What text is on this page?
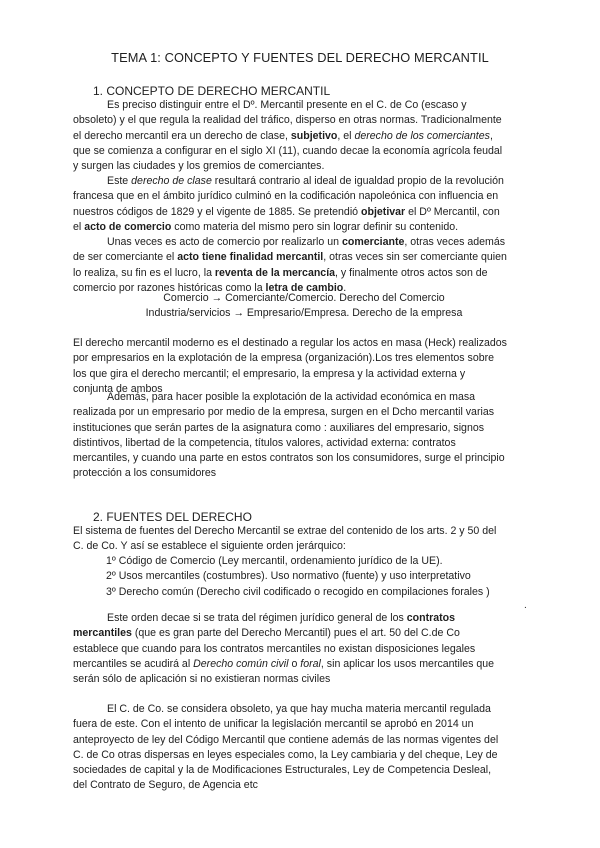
TEMA 1: CONCEPTO Y FUENTES DEL DERECHO MERCANTIL
1. CONCEPTO DE DERECHO MERCANTIL
Es preciso distinguir entre el Dº. Mercantil presente en el C. de Co (escaso y
obsoleto) y el que regula la realidad del tráfico, disperso en otras normas. Tradicionalmente
el derecho mercantil era un derecho de clase, subjetivo, el derecho de los comerciantes,
que se comienza a configurar en el siglo XI (11), cuando decae la economía agrícola feudal
y surgen las ciudades y los gremios de comerciantes.
Este derecho de clase resultará contrario al ideal de igualdad propio de la revolución
francesa que en el ámbito jurídico culminó en la codificación napoleónica con influencia en
nuestros códigos de 1829 y el vigente de 1885. Se pretendió objetivar el Dº Mercantil, con
el acto de comercio como materia del mismo pero sin lograr definir su contenido.
Unas veces es acto de comercio por realizarlo un comerciante, otras veces además
de ser comerciante el acto tiene finalidad mercantil, otras veces sin ser comerciante quien
lo realiza, su fin es el lucro, la reventa de la mercancía, y finalmente otros actos son de
comercio por razones históricas como la letra de cambio.
Comercio → Comerciante/Comercio. Derecho del Comercio
Industria/servicios → Empresario/Empresa. Derecho de la empresa
El derecho mercantil moderno es el destinado a regular los actos en masa (Heck) realizados
por empresarios en la explotación de la empresa (organización).Los tres elementos sobre
los que gira el derecho mercantil; el empresario, la empresa y la actividad externa y
conjunta de ambos
Además, para hacer posible la explotación de la actividad económica en masa
realizada por un empresario por medio de la empresa, surgen en el Dcho mercantil varias
instituciones que serán partes de la asignatura como : auxiliares del empresario, signos
distintivos, libertad de la competencia, títulos valores, actividad externa: contratos
mercantiles, y cuando una parte en estos contratos son los consumidores, surge el principio
protección a los consumidores
2. FUENTES DEL DERECHO
El sistema de fuentes del Derecho Mercantil se extrae del contenido de los arts. 2 y 50 del
C. de Co. Y así se establece el siguiente orden jerárquico:
1º Código de Comercio (Ley mercantil, ordenamiento jurídico de la UE).
2º Usos mercantiles (costumbres). Uso normativo (fuente) y uso interpretativo
3º Derecho común (Derecho civil codificado o recogido en compilaciones forales )
.
Este orden decae si se trata del régimen jurídico general de los contratos
mercantiles (que es gran parte del Derecho Mercantil) pues el art. 50 del C.de Co
establece que cuando para los contratos mercantiles no existan disposiciones legales
mercantiles se acudirá al Derecho común civil o foral, sin aplicar los usos mercantiles que
serán sólo de aplicación si no existieran normas civiles
El C. de Co. se considera obsoleto, ya que hay mucha materia mercantil regulada
fuera de este. Con el intento de unificar la legislación mercantil se aprobó en 2014 un
anteproyecto de ley del Código Mercantil que contiene además de las normas vigentes del
C. de Co otras dispersas en leyes especiales como, la Ley cambiaria y del cheque, Ley de
sociedades de capital y la de Modificaciones Estructurales, Ley de Competencia Desleal,
del Contrato de Seguro, de Agencia etc
